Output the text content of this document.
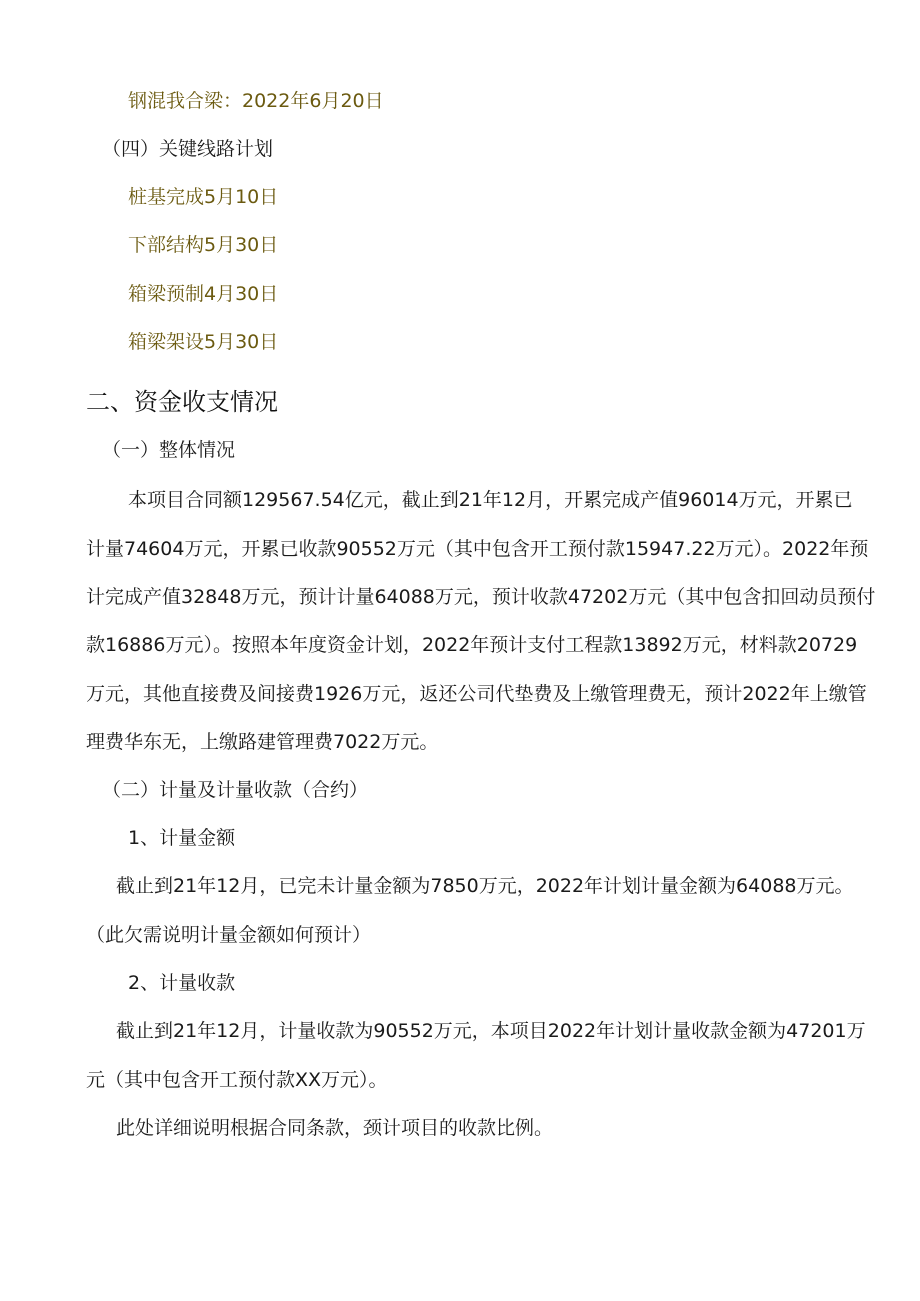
钢混我合梁：2022年6月20日
（四）关键线路计划
桩基完成5月10日
下部结构5月30日
箱梁预制4月30日
箱梁架设5月30日
二、资金收支情况
（一）整体情况
本项目合同额129567.54亿元，截止到21年12月，开累完成产值96014万元，开累已
计量74604万元，开累已收款90552万元（其中包含开工预付款15947.22万元）。2022年预
计完成产值32848万元，预计计量64088万元，预计收款47202万元（其中包含扣回动员预付
款16886万元）。按照本年度资金计划，2022年预计支付工程款13892万元，材料款20729
万元，其他直接费及间接费1926万元，返还公司代垫费及上缴管理费无，预计2022年上缴管
理费华东无，上缴路建管理费7022万元。
（二）计量及计量收款（合约）
1、计量金额
截止到21年12月，已完未计量金额为7850万元，2022年计划计量金额为64088万元。
（此欠需说明计量金额如何预计）
2、计量收款
截止到21年12月，计量收款为90552万元，本项目2022年计划计量收款金额为47201万
元（其中包含开工预付款XX万元）。
此处详细说明根据合同条款，颈计项目的收款比例。
